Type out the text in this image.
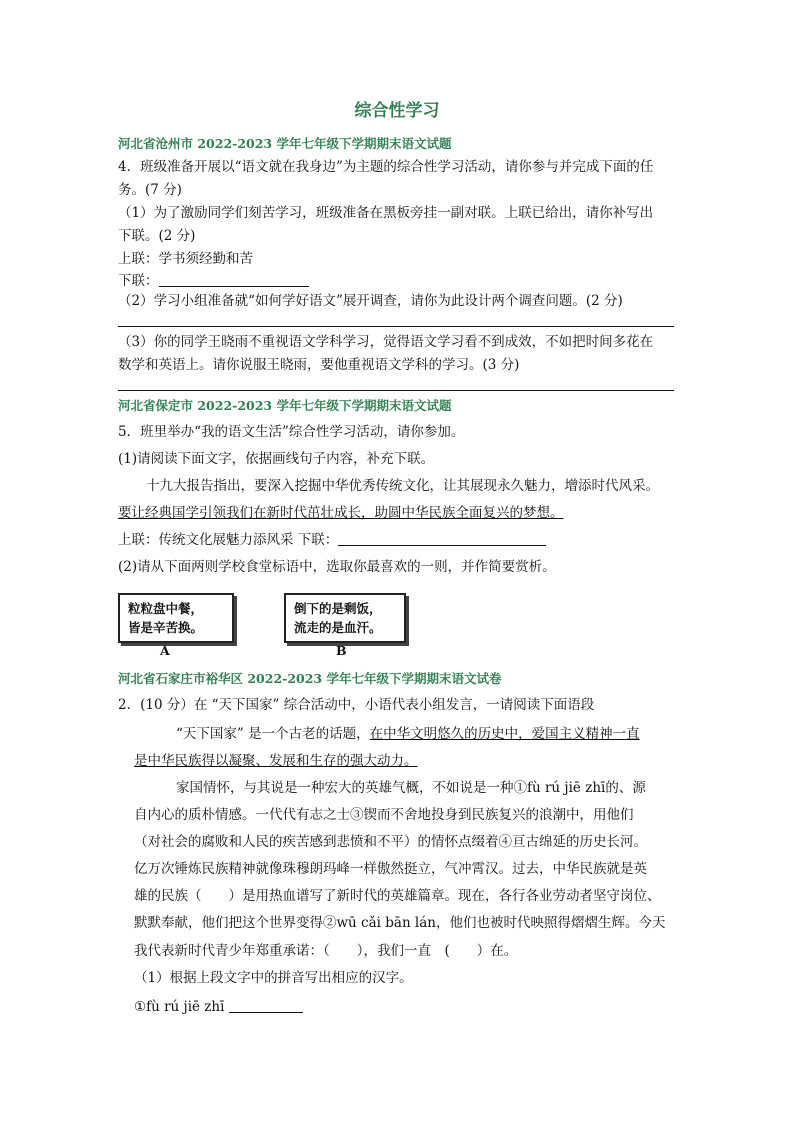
综合性学习
河北省沧州市 2022-2023 学年七年级下学期期末语文试题
4．班级准备开展以“语文就在我身边”为主题的综合性学习活动，请你参与并完成下面的任
务。(7 分)
（1）为了激励同学们刻苦学习，班级准备在黑板旁挂一副对联。上联已给出，请你补写出
下联。(2 分)
上联：学书须经勤和苦
下联：
（2）学习小组准备就“如何学好语文”展开调查，请你为此设计两个调查问题。(2 分)
（3）你的同学王晓雨不重视语文学科学习，觉得语文学习看不到成效，不如把时间多花在
数学和英语上。请你说服王晓雨，要他重视语文学科的学习。(3 分)
河北省保定市 2022-2023 学年七年级下学期期末语文试题
5．班里举办“我的语文生活”综合性学习活动，请你参加。
(1)请阅读下面文字，依据画线句子内容，补充下联。
十九大报告指出，要深入挖掘中华优秀传统文化，让其展现永久魅力，增添时代风采。
要让经典国学引领我们在新时代茁壮成长，助圆中华民族全面复兴的梦想。
上联：传统文化展魅力添风采 下联：
(2)请从下面两则学校食堂标语中，选取你最喜欢的一则，并作简要赏析。
粒粒盘中餐，
皆是辛苦换。
倒下的是剩饭，
流走的是血汗。
A	B
河北省石家庄市裕华区 2022-2023 学年七年级下学期期末语文试卷
2．(10 分）在 “天下国家” 综合活动中，小语代表小组发言，一请阅读下面语段
“天下国家” 是一个古老的话题，在中华文明悠久的历史中，爱国主义精神一直
是中华民族得以凝聚、发展和生存的强大动力。
家国情怀，与其说是一种宏大的英雄气概，不如说是一种①fù rú jiē zhī的、源
自内心的质朴情感。一代代有志之士③锲而不舍地投身到民族复兴的浪潮中，用他们
（对社会的腐败和人民的疾苦感到悲愤和不平）的情怀点缀着④亘古绵延的历史长河。
亿万次锤炼民族精神就像珠穆朗玛峰一样傲然挺立，气冲霄汉。过去，中华民族就是英
雄的民族（　　）是用热血谱写了新时代的英雄篇章。现在，各行各业劳动者坚守岗位、
默默奉献，他们把这个世界变得②wū cǎi bān lán，他们也被时代映照得熠熠生辉。今天
我代表新时代青少年郑重承诺：（　　），我们一直　(　　）在。
（1）根据上段文字中的拼音写出相应的汉字。
①fù rú jiē zhī
